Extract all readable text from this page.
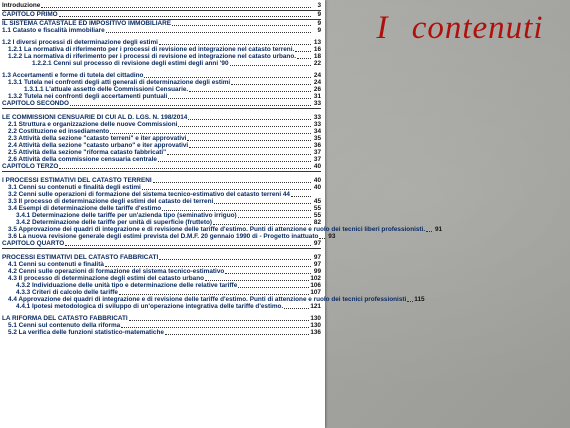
Introduzione	3
CAPITOLO PRIMO	9
IL SISTEMA CATASTALE ED IMPOSITIVO IMMOBILIARE	9
1.1 Catasto e fiscalità immobiliare	9
1.2 I diversi processi di determinazione degli estimi	13
1.2.1 La normativa di riferimento per i processi di revisione ed integrazione nel catasto terreni.	16
1.2.2 La normativa di riferimento per i processi di revisione ed integrazione nel catasto urbano.	18
1.2.2.1 Cenni sul processo di revisione degli estimi degli anni '90	22
1.3 Accertamenti e forme di tutela del cittadino	24
1.3.1 Tutela nei confronti degli atti generali di determinazione degli estimi	24
1.3.1.1 L'attuale assetto delle Commissioni Censuarie.	26
1.3.2 Tutela nei confronti degli accertamenti puntuali	31
CAPITOLO SECONDO	33
LE COMMISSIONI CENSUARIE DI CUI AL D. LGS. N. 198/2014	33
2.1 Struttura e organizzazione delle nuove Commissioni	33
2.2 Costituzione ed insediamento	34
2.3 Attività della sezione "catasto terreni" e iter approvativi	35
2.4 Attività della sezione "catasto urbano" e iter approvativi	36
2.5 Attività della sezione "riforma catasto fabbricati"	37
2.6 Attività della commissione censuaria centrale	37
CAPITOLO TERZO	40
I PROCESSI ESTIMATIVI DEL CATASTO TERRENI	40
3.1 Cenni su contenuti e finalità degli estimi	40
3.2 Cenni sulle operazioni di formazione del sistema tecnico-estimativo del catasto terreni 44
3.3 Il processo di determinazione degli estimi del catasto dei terreni	45
3.4 Esempi di determinazione delle tariffe d'estimo	55
3.4.1 Determinazione delle tariffe per un'azienda tipo (seminativo irriguo)	55
3.4.2 Determinazione delle tariffe per unità di superficie (frutteto)	82
3.5 Approvazione dei quadri di integrazione e di revisione delle tariffe d'estimo. Punti di attenzione e ruolo dei tecnici liberi professionisti. 91
3.6 La nuova revisione generale degli estimi prevista del D.M.F. 20 gennaio 1990 di - Progetto inattuato 93
CAPITOLO QUARTO	97
PROCESSI ESTIMATIVI DEL CATASTO FABBRICATI	97
4.1 Cenni su contenuti e finalità	97
4.2 Cenni sulle operazioni di formazione del sistema tecnico-estimativo	99
4.3 Il processo di determinazione degli estimi del catasto urbano	102
4.3.2 Individuazione delle unità tipo e determinazione delle relative tariffe	106
4.3.3 Criteri di calcolo delle tariffe	107
4.4 Approvazione dei quadri di integrazione e di revisione delle tariffe d'estimo. Punti di attenzione e ruolo dei tecnici professionisti 115
4.4.1 Ipotesi metodologica di sviluppo di un'operazione integrativa delle tariffe d'estimo.	121
LA RIFORMA DEL CATASTO FABBRICATI	130
5.1 Cenni sul contenuto della riforma	130
5.2 La verifica delle funzioni statistico-matematiche	136
I contenuti
